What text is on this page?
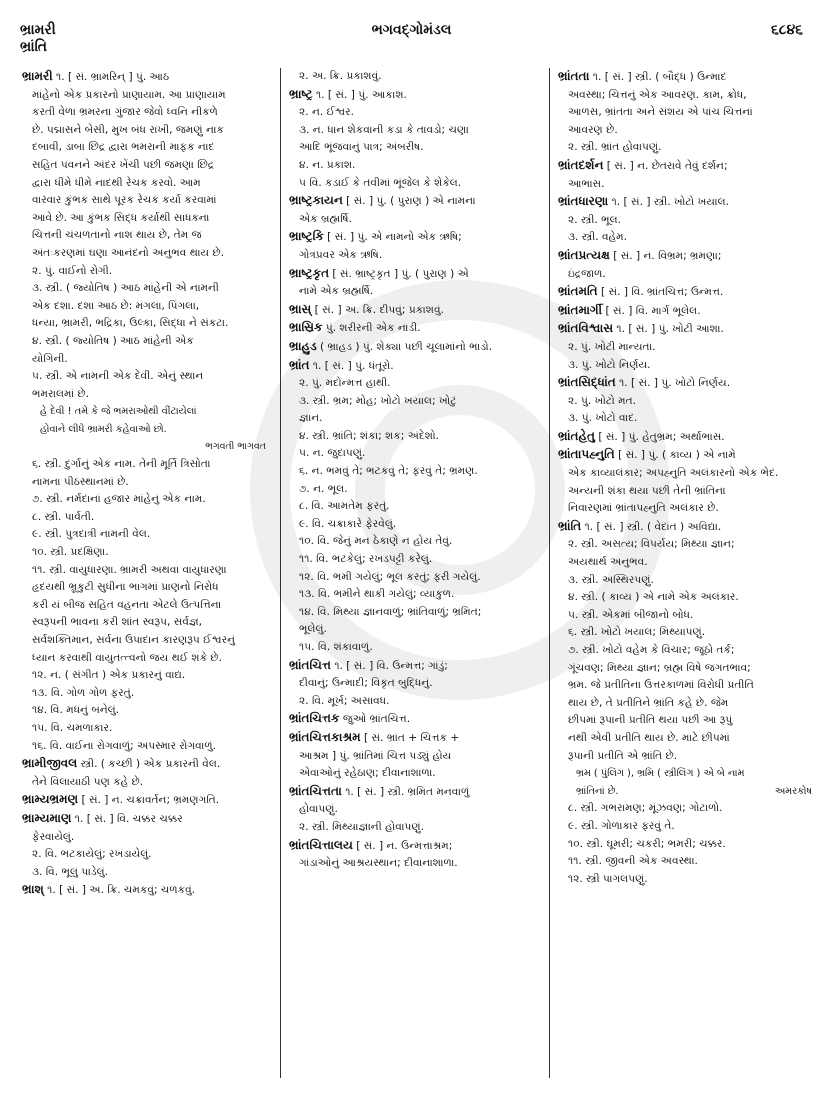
ભ્રામરી
ભ્રાંતિ
ભગવદ્ગોમંડલ	૬૮૪૬
ભ્રામરી ૧. [ સં. ભ્રામરિન્ ] પું. આઠ
માંહેનો એક પ્રકારનો પ્રાણાયામ. આ પ્રાણાયામ
કરતી વેળા ભ્રમરના ગુંજાર જેવો ધ્વનિ નીકળે
છે. પદ્માસને બેસી, મુખ બંધ રાખી, જમણું નાક
દબાવી, ડાબા છિદ્ર દ્વારા ભમરાની માફક નાદ
સહિત પવનને અંદર ખેંચી પછી જમણા છિદ્ર
દ્વારા ધીમે ધીમે નાદથી રેચક કરવો. આમ
વારંવાર કુંભક સાથે પૂરક રેચક કર્યા કરવામાં
આવે છે. આ કુંભક સિદ્ધ કર્યાથી સાધકના
ચિત્તની ચંચળતાનો નાશ થાય છે, તેમ જ
અંતઃકરણમાં ઘણા આનંદનો અનુભવ થાય છે.
૨. પું. વાઈનો રોગી.
૩. સ્ત્રી. ( જ્યોતિષ ) આઠ માંહેની એ નામની
એક દશા. દશા આઠ છે: મંગલા, પિંગલા,
ધન્યા, ભ્રામરી, ભદ્રિકા, ઉલ્કા, સિદ્ધા ને સંકટા.
૪. સ્ત્રી. ( જ્યોતિષ ) આઠ માંહેની એક
યોગિની.
૫. સ્ત્રી. એ નામની એક દેવી. એનું સ્થાન
ભમરાલમાં છે.
હે દેવી ! તમે કે જે ભમરાઓથી વીંટાયેલાં
હોવાને લીધે ભ્રામરી કહેવાઓ છો.
ભગવતી ભાગવત
૬. સ્ત્રી. દુર્ગાનું એક નામ. તેની મૂર્તિ ત્રિસોતા
નામના પીઠસ્થાનમાં છે.
૭. સ્ત્રી. નર્મદાનાં હજાર માંહેનું એક નામ.
૮. સ્ત્રી. પાર્વતી.
૯. સ્ત્રી. પુત્રદાત્રી નામની વેલ.
૧૦. સ્ત્રી. પ્રદક્ષિણા.
૧૧. સ્ત્રી. વાયુધારણા. ભ્રામરી અથવા વાયુધારણા
હૃદયથી ભ્રૂકુટી સુધીના ભાગમાં પ્રાણનો નિરોધ
કરી યં બીજ સહિત વહનતા એટલે ઉત્પત્તિના
સ્વરૂપની ભાવના કરી શાંત સ્વરૂપ, સર્વજ્ઞ,
સર્વશક્તિમાન, સર્વના ઉપાદાન કારણરૂપ ઈશ્વરનું
ધ્યાન કરવાથી વાયુતત્ત્વનો જય થઈ શકે છે.
૧૨. ન. ( સંગીત ) એક પ્રકારનું વાદ્ય.
૧૩. વિ. ગોળ ગોળ ફરતું.
૧૪. વિ. મધનું બનેલું.
૧૫. વિ. ચમળાકાર.
૧૬. વિ. વાઈના રોગવાળું; અપસ્માર રોગવાળું.
ભ્રામીજીવલ સ્ત્રી. ( કચ્છી ) એક પ્રકારની વેલ.
તેને વિલાયાઠી પણ કહે છે.
ભ્રામ્યભ્રમણ [ સં. ] ન. ચક્રાવર્તન; ભ્રમણગતિ.
ભ્રામ્યમાણ ૧. [ સં. ] વિ. ચક્કર ચક્કર
ફેરવાયેલું.
૨. વિ. ભટકાયેલું; રખડાયેલું.
૩. વિ. ભૂલું પાડેલું.
ભ્રાશ્ ૧. [ સં. ] અ. ક્રિ. ચમકવું; ચળકવું.
૨. અ. ક્રિ. પ્રકાશવું.
ભ્રાષ્ટ્ર ૧. [ સં. ] પું. આકાશ.
૨. ન. ઈશ્વર.
૩. ન. ધાન શેકવાની કડા કે તાવડો; ચણા
આદિ ભૂંજવાનું પાત્ર; અંબરીષ.
૪. ન. પ્રકાશ.
૫ વિ. કડાઈ કે તવીમાં ભૂંજેલ કે શેકેલ.
ભ્રાષ્ટ્રકાયન [ સં. ] પું. ( પુરાણ ) એ નામના
એક બ્રહ્મર્ષિ.
ભ્રાષ્ટ્રકિ [ સં. ] પું. એ નામનો એક ઋષિ;
ગોત્રપ્રવર એક ઋષિ.
ભ્રાષ્ટ્રકૃત [ સં. ભ્રાષ્ટ્રકૃત ] પું. ( પુરાણ ) એ
નામે એક બ્રહ્મર્ષિ.
ભ્રાસ્ [ સં. ] અ. ક્રિ. દીપવું; પ્રકાશવું.
ભ્રાસ્રિક પું. શરીરની એક નાડી.
ભ્રાહુડ ( ભ્રાહડ ) પું. શેક્યા પછી ચૂલામાંનો ભાડો.
ભ્રાંત ૧. [ સં. ] પું. ધંતૂરો.
૨. પું. મદોન્મત્ત હાથી.
૩. સ્ત્રી. ભ્રમ; મોહ; ખોટો ખયાલ; ખોટું
જ્ઞાન.
૪. સ્ત્રી. ભ્રાંતિ; શંકા; શક; અંદેશો.
૫. ન. જુદાપણું.
૬. ન. ભમવું તે; ભટકવું તે; ફરવું તે; ભ્રમણ.
૭. ન. ભૂલ.
૮. વિ. આમતેમ ફરતું.
૯. વિ. ચક્રાકારે ફેરવેલું.
૧૦. વિ. જેનું મન ઠેકાણે ન હોય તેવું.
૧૧. વિ. ભટકેલું; રખડપટ્ટી કરેલું.
૧૨. વિ. ભમી ગયેલું; ભૂલ કરતું; ફરી ગયેલું.
૧૩. વિ. ભમીને થાકી ગયેલું; વ્યાકુળ.
૧૪. વિ. મિથ્યા જ્ઞાનવાળું; ભ્રાંતિવાળું; ભ્રમિત;
ભૂલેલું.
૧૫. વિ. શંકાવાળું.
ભ્રાંતચિત્ત ૧. [ સં. ] વિ. ઉન્મત્ત; ગાંડું;
દીવાનું; ઉન્માદી; વિકૃત બુદ્ધિનું.
૨. વિ. મૂર્ખ; અસાવધ.
ભ્રાંતચિત્તક જુઓ ભ્રાંતચિત્ત.
ભ્રાંતચિત્તકાશ્રમ [ સં. ભ્રાંત + ચિત્તક +
આશ્રમ ] પું. ભ્રાંતિમાં ચિત્ત પડ્યું હોય
એવાઓનું રહેઠાણ; દીવાનાશાળા.
ભ્રાંતચિત્તતા ૧. [ સં. ] સ્ત્રી. ભ્રમિત મનવાળું
હોવાપણું.
૨. સ્ત્રી. મિથ્યાજ્ઞાની હોવાપણું.
ભ્રાંતચિત્તાલય [ સં. ] ન. ઉન્મત્તાશ્રમ;
ગાંડાઓનું આશ્રયસ્થાન; દીવાનાશાળા.
ભ્રાંતતા ૧. [ સં. ] સ્ત્રી. ( બૌદ્ધ ) ઉન્માદ
અવસ્થા; ચિત્તનું એક આવરણ. કામ, ક્રોધ,
આળસ, ભ્રાંતતા અને સંશય એ પાંચ ચિત્તનાં
આવરણ છે.
૨. સ્ત્રી. ભ્રાંત હોવાપણું.
ભ્રાંતદર્શન [ સં. ] ન. છેતરાવે તેવું દર્શન;
આભાસ.
ભ્રાંતધારણા ૧. [ સં. ] સ્ત્રી. ખોટો ખયાલ.
૨. સ્ત્રી. ભૂલ.
૩. સ્ત્રી. વહેમ.
ભ્રાંતપ્રત્યક્ષ [ સં. ] ન. વિભ્રમ; ભ્રમણા;
ઇંદ્રજાળ.
ભ્રાંતમતિ [ સં. ] વિ. ભ્રાંતચિત્ત; ઉન્મત્ત.
ભ્રાંતમાર્ગી [ સં. ] વિ. માર્ગ ભૂલેલ.
ભ્રાંતવિશ્વાસ ૧. [ સં. ] પું. ખોટી આશા.
૨. પું. ખોટી માન્યતા.
૩. પું. ખોટો નિર્ણય.
ભ્રાંતસિદ્ધાંત ૧. [ સં. ] પું. ખોટો નિર્ણય.
૨. પું. ખોટો મત.
૩. પું. ખોટો વાદ.
ભ્રાંતહેતુ [ સં. ] પું. હેતુભ્રમ; અર્થાભાસ.
ભ્રાંતાપહ્નુતિ [ સં. ] પું. ( કાવ્ય ) એ નામે
એક કાવ્યાલંકાર; અપહ્નુતિ અલંકારનો એક ભેદ.
અન્યની શંકા થયા પછી તેની ભ્રાંતિના
નિવારણમાં ભ્રાંતાપહ્નુતિ અલંકાર છે.
ભ્રાંતિ ૧. [ સં. ] સ્ત્રી. ( વેદાંત ) અવિદ્યા.
૨. સ્ત્રી. અસત્ય; વિપર્યય; મિથ્યા જ્ઞાન;
અયથાર્થ અનુભવ.
૩. સ્ત્રી. અસ્થિરપણું.
૪. સ્ત્રી. ( કાવ્ય ) એ નામે એક અલંકાર.
૫. સ્ત્રી. એકમાં બીજાનો બોધ.
૬. સ્ત્રી. ખોટો ખયાલ; મિથ્યાપણું.
૭. સ્ત્રી. ખોટો વહેમ કે વિચાર; જૂઠો તર્ક;
ગૂંચવણ; મિથ્યા જ્ઞાન; બ્રહ્મ વિષે જગતભાવ;
ભ્રમ. જે પ્રતીતિના ઉત્તરકાળમાં વિરોધી પ્રતીતિ
થાય છે, તે પ્રતીતિને ભ્રાંતિ કહે છે. જેમ
છીપમાં રૂપાની પ્રતીતિ થયા પછી આ રૂપું
નથી એવી પ્રતીતિ થાય છે. માટે છીપમાં
રૂપાની પ્રતીતિ એ ભ્રાંતિ છે.
ભ્રમ ( પુંલિંગ ), ભ્રમિ ( સ્ત્રીલિંગ ) એ બે નામ
ભ્રાંતિનાં છે.	અમરકોષ
૮. સ્ત્રી. ગભરામણ; મૂંઝવણ; ગોટાળો.
૯. સ્ત્રી. ગોળાકાર ફરવું તે.
૧૦. સ્ત્રી. ઘૂમરી; ચકરી; ભમરી; ચક્કર.
૧૧. સ્ત્રી. જીવની એક અવસ્થા.
૧૨. સ્ત્રી પાગલપણું.
